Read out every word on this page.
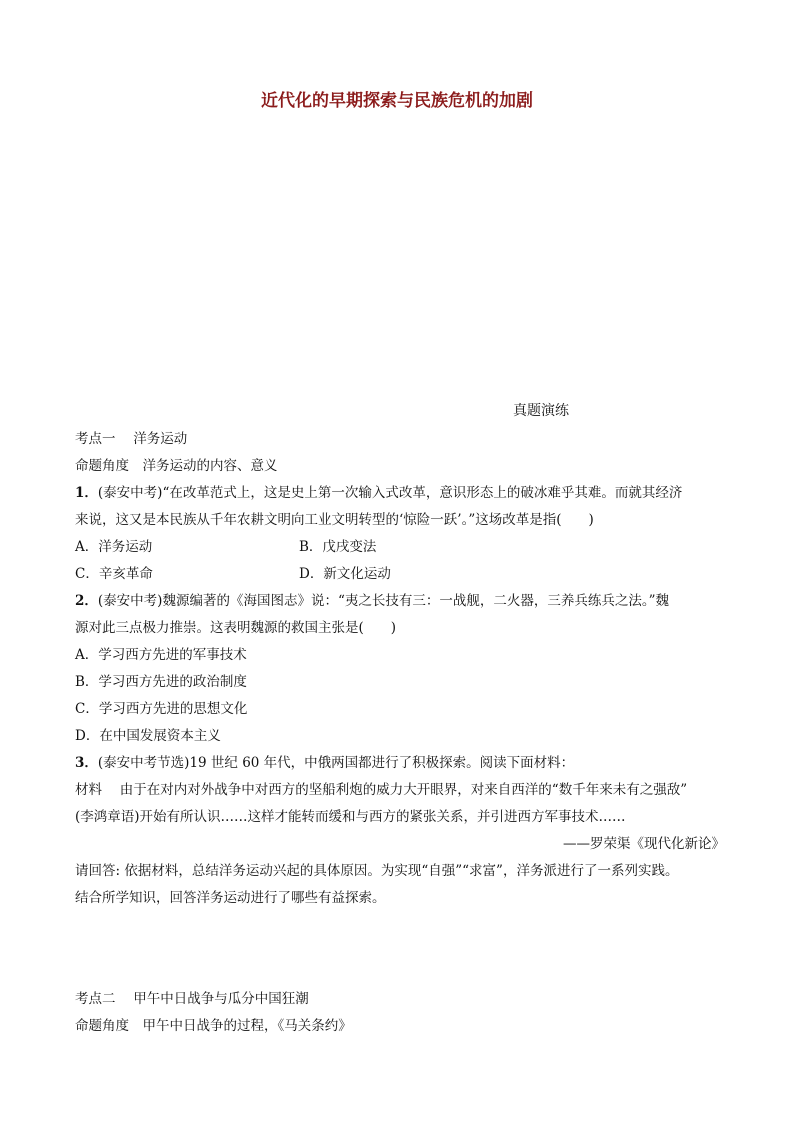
近代化的早期探索与民族危机的加剧
真题演练

考点一　 洋务运动

命题角度　洋务运动的内容、意义

1．(泰安中考)“在改革范式上，这是史上第一次输入式改革，意识形态上的破冰难乎其难。而就其经济

来说，这又是本民族从千年农耕文明向工业文明转型的‘惊险一跃’。”这场改革是指(　　)

A．洋务运动	B．戊戌变法
C．辛亥革命	D．新文化运动

2．(泰安中考)魏源编著的《海国图志》说：“夷之长技有三：一战舰，二火器，三养兵练兵之法。”魏

源对此三点极力推崇。这表明魏源的救国主张是(　　)

A．学习西方先进的军事技术

B．学习西方先进的政治制度

C．学习西方先进的思想文化

D．在中国发展资本主义

3．(泰安中考节选)19 世纪 60 年代，中俄两国都进行了积极探索。阅读下面材料：

材料　 由于在对内对外战争中对西方的坚船利炮的威力大开眼界，对来自西洋的“数千年来未有之强敌”

(李鸿章语)开始有所认识……这样才能转而缓和与西方的紧张关系，并引进西方军事技术……

——罗荣渠《现代化新论》

请回答: 依据材料，总结洋务运动兴起的具体原因。为实现“自强”“求富”，洋务派进行了一系列实践。

结合所学知识，回答洋务运动进行了哪些有益探索。

考点二　 甲午中日战争与瓜分中国狂潮

命题角度　甲午中日战争的过程，《马关条约》
